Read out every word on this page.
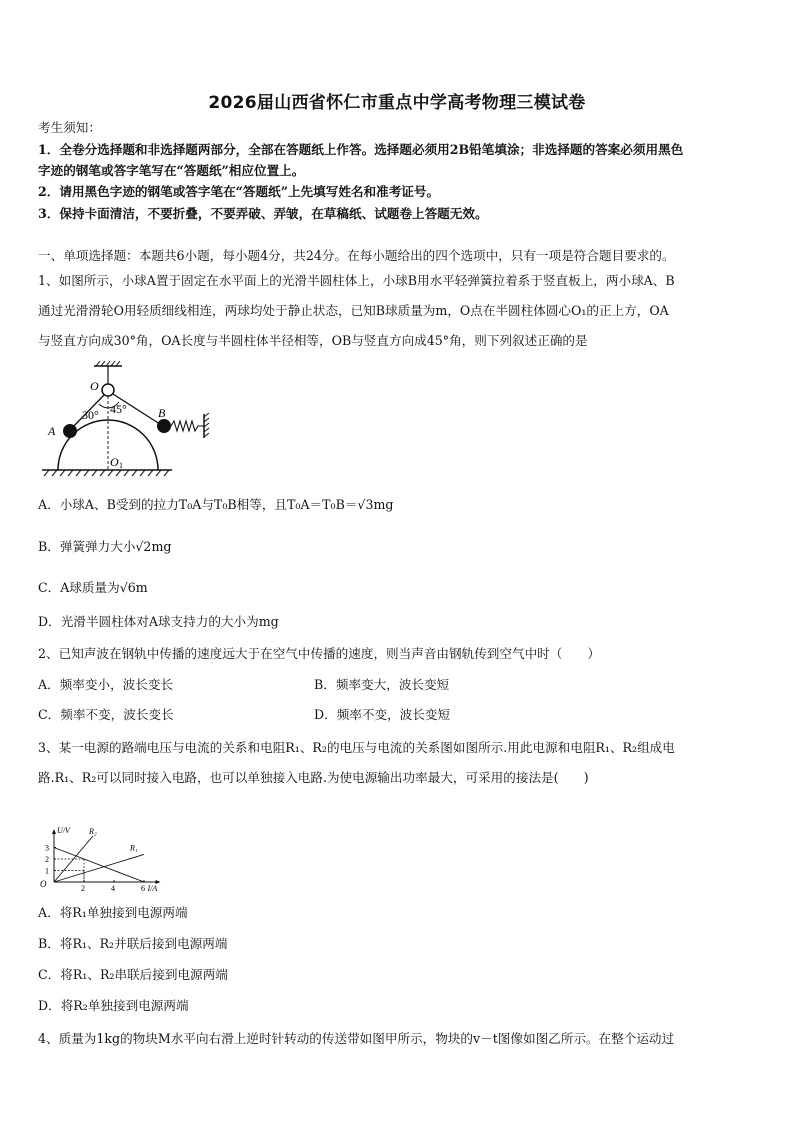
2026届山西省怀仁市重点中学高考物理三模试卷
考生须知：
1．全卷分选择题和非选择题两部分，全部在答题纸上作答。选择题必须用2B铅笔填涂；非选择题的答案必须用黑色
字迹的钢笔或答字笔写在“答题纸”相应位置上。
2．请用黑色字迹的钢笔或答字笔在“答题纸”上先填写姓名和准考证号。
3．保持卡面清洁，不要折叠，不要弄破、弄皱，在草稿纸、试题卷上答题无效。
一、单项选择题：本题共6小题，每小题4分，共24分。在每小题给出的四个选项中，只有一项是符合题目要求的。
1、如图所示，小球A置于固定在水平面上的光滑半圆柱体上，小球B用水平轻弹簧拉着系于竖直板上，两小球A、B
通过光滑滑轮O用轻质细线相连，两球均处于静止状态，已知B球质量为m，O点在半圆柱体圆心O₁的正上方，OA
与竖直方向成30°角，OA长度与半圆柱体半径相等，OB与竖直方向成45°角，则下列叙述正确的是
O
A
B
30° 45°
O 1
A．小球A、B受到的拉力T₀A与T₀B相等，且T₀A＝T₀B＝√3mg
B．弹簧弹力大小√2mg
C．A球质量为√6m
D．光滑半圆柱体对A球支持力的大小为mg
2、已知声波在钢轨中传播的速度远大于在空气中传播的速度，则当声音由钢轨传到空气中时（　　）
A．频率变小，波长变长	B．频率变大，波长变短
C．频率不变，波长变长	D．频率不变，波长变短
3、某一电源的路端电压与电流的关系和电阻R₁、R₂的电压与电流的关系图如图所示.用此电源和电阻R₁、R₂组成电
路.R₁、R₂可以同时接入电路，也可以单独接入电路.为使电源输出功率最大，可采用的接法是(　　)
2	4	6
1
2
3
R₂
R₁
O
U/V
I/A
A．将R₁单独接到电源两端
B．将R₁、R₂并联后接到电源两端
C．将R₁、R₂串联后接到电源两端
D．将R₂单独接到电源两端
4、质量为1kg的物块M水平向右滑上逆时针转动的传送带如图甲所示，物块的v－t图像如图乙所示。在整个运动过
